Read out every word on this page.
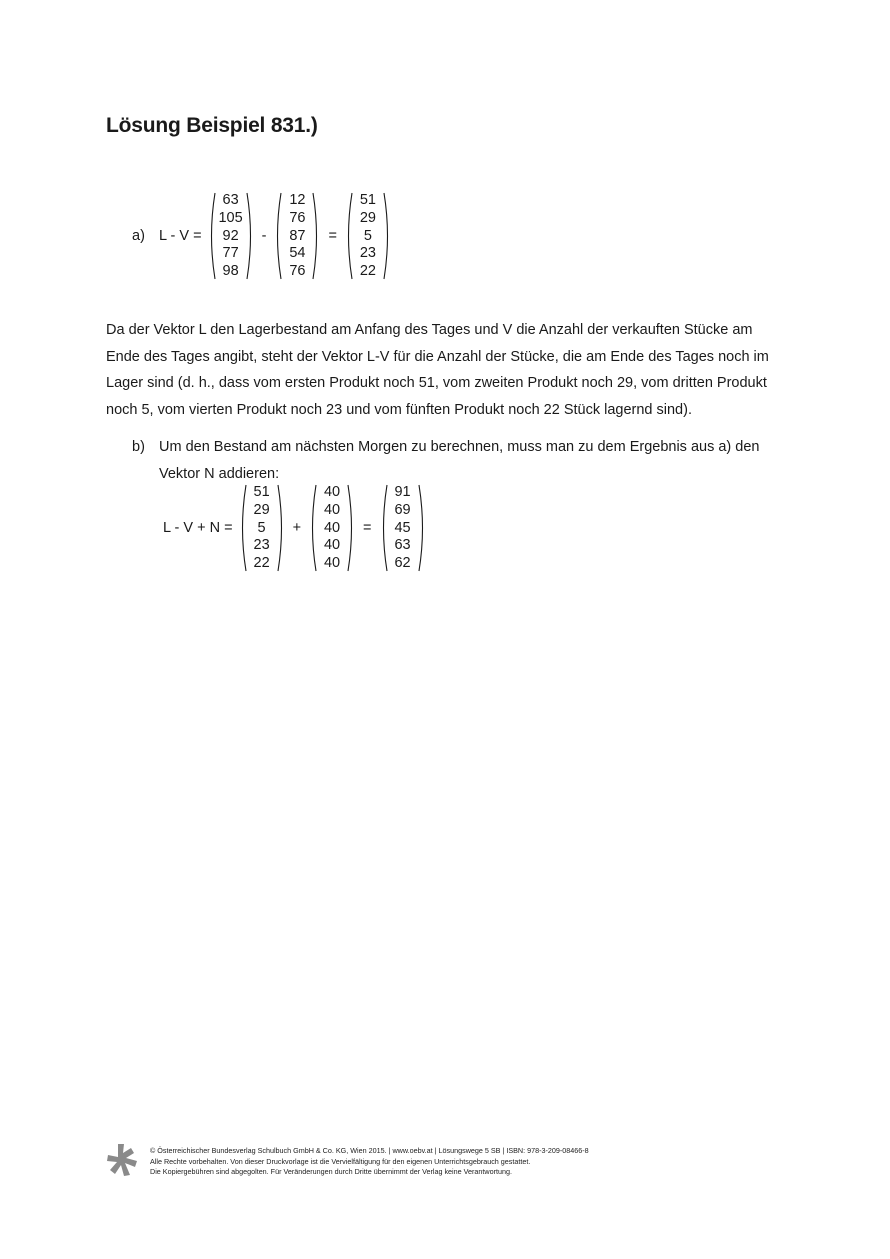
Lösung Beispiel 831.)
a) L - V =
63
105
92
77
98
-
12
76
87
54
76
=
51
29
5
23
22
Da der Vektor L den Lagerbestand am Anfang des Tages und V die Anzahl der verkauften Stücke am Ende des Tages angibt, steht der Vektor L-V für die Anzahl der Stücke, die am Ende des Tages noch im Lager sind (d. h., dass vom ersten Produkt noch 51, vom zweiten Produkt noch 29, vom dritten Produkt noch 5, vom vierten Produkt noch 23 und vom fünften Produkt noch 22 Stück lagernd sind).
b) Um den Bestand am nächsten Morgen zu berechnen, muss man zu dem Ergebnis aus a) den Vektor N addieren:
L - V + N =
51
29
5
23
22
+
40
40
40
40
40
=
91
69
45
63
62
© Österreichischer Bundesverlag Schulbuch GmbH & Co. KG, Wien 2015. | www.oebv.at | Lösungswege 5 SB | ISBN: 978-3-209-08466-8
Alle Rechte vorbehalten. Von dieser Druckvorlage ist die Vervielfältigung für den eigenen Unterrichtsgebrauch gestattet.
Die Kopiergebühren sind abgegolten. Für Veränderungen durch Dritte übernimmt der Verlag keine Verantwortung.
